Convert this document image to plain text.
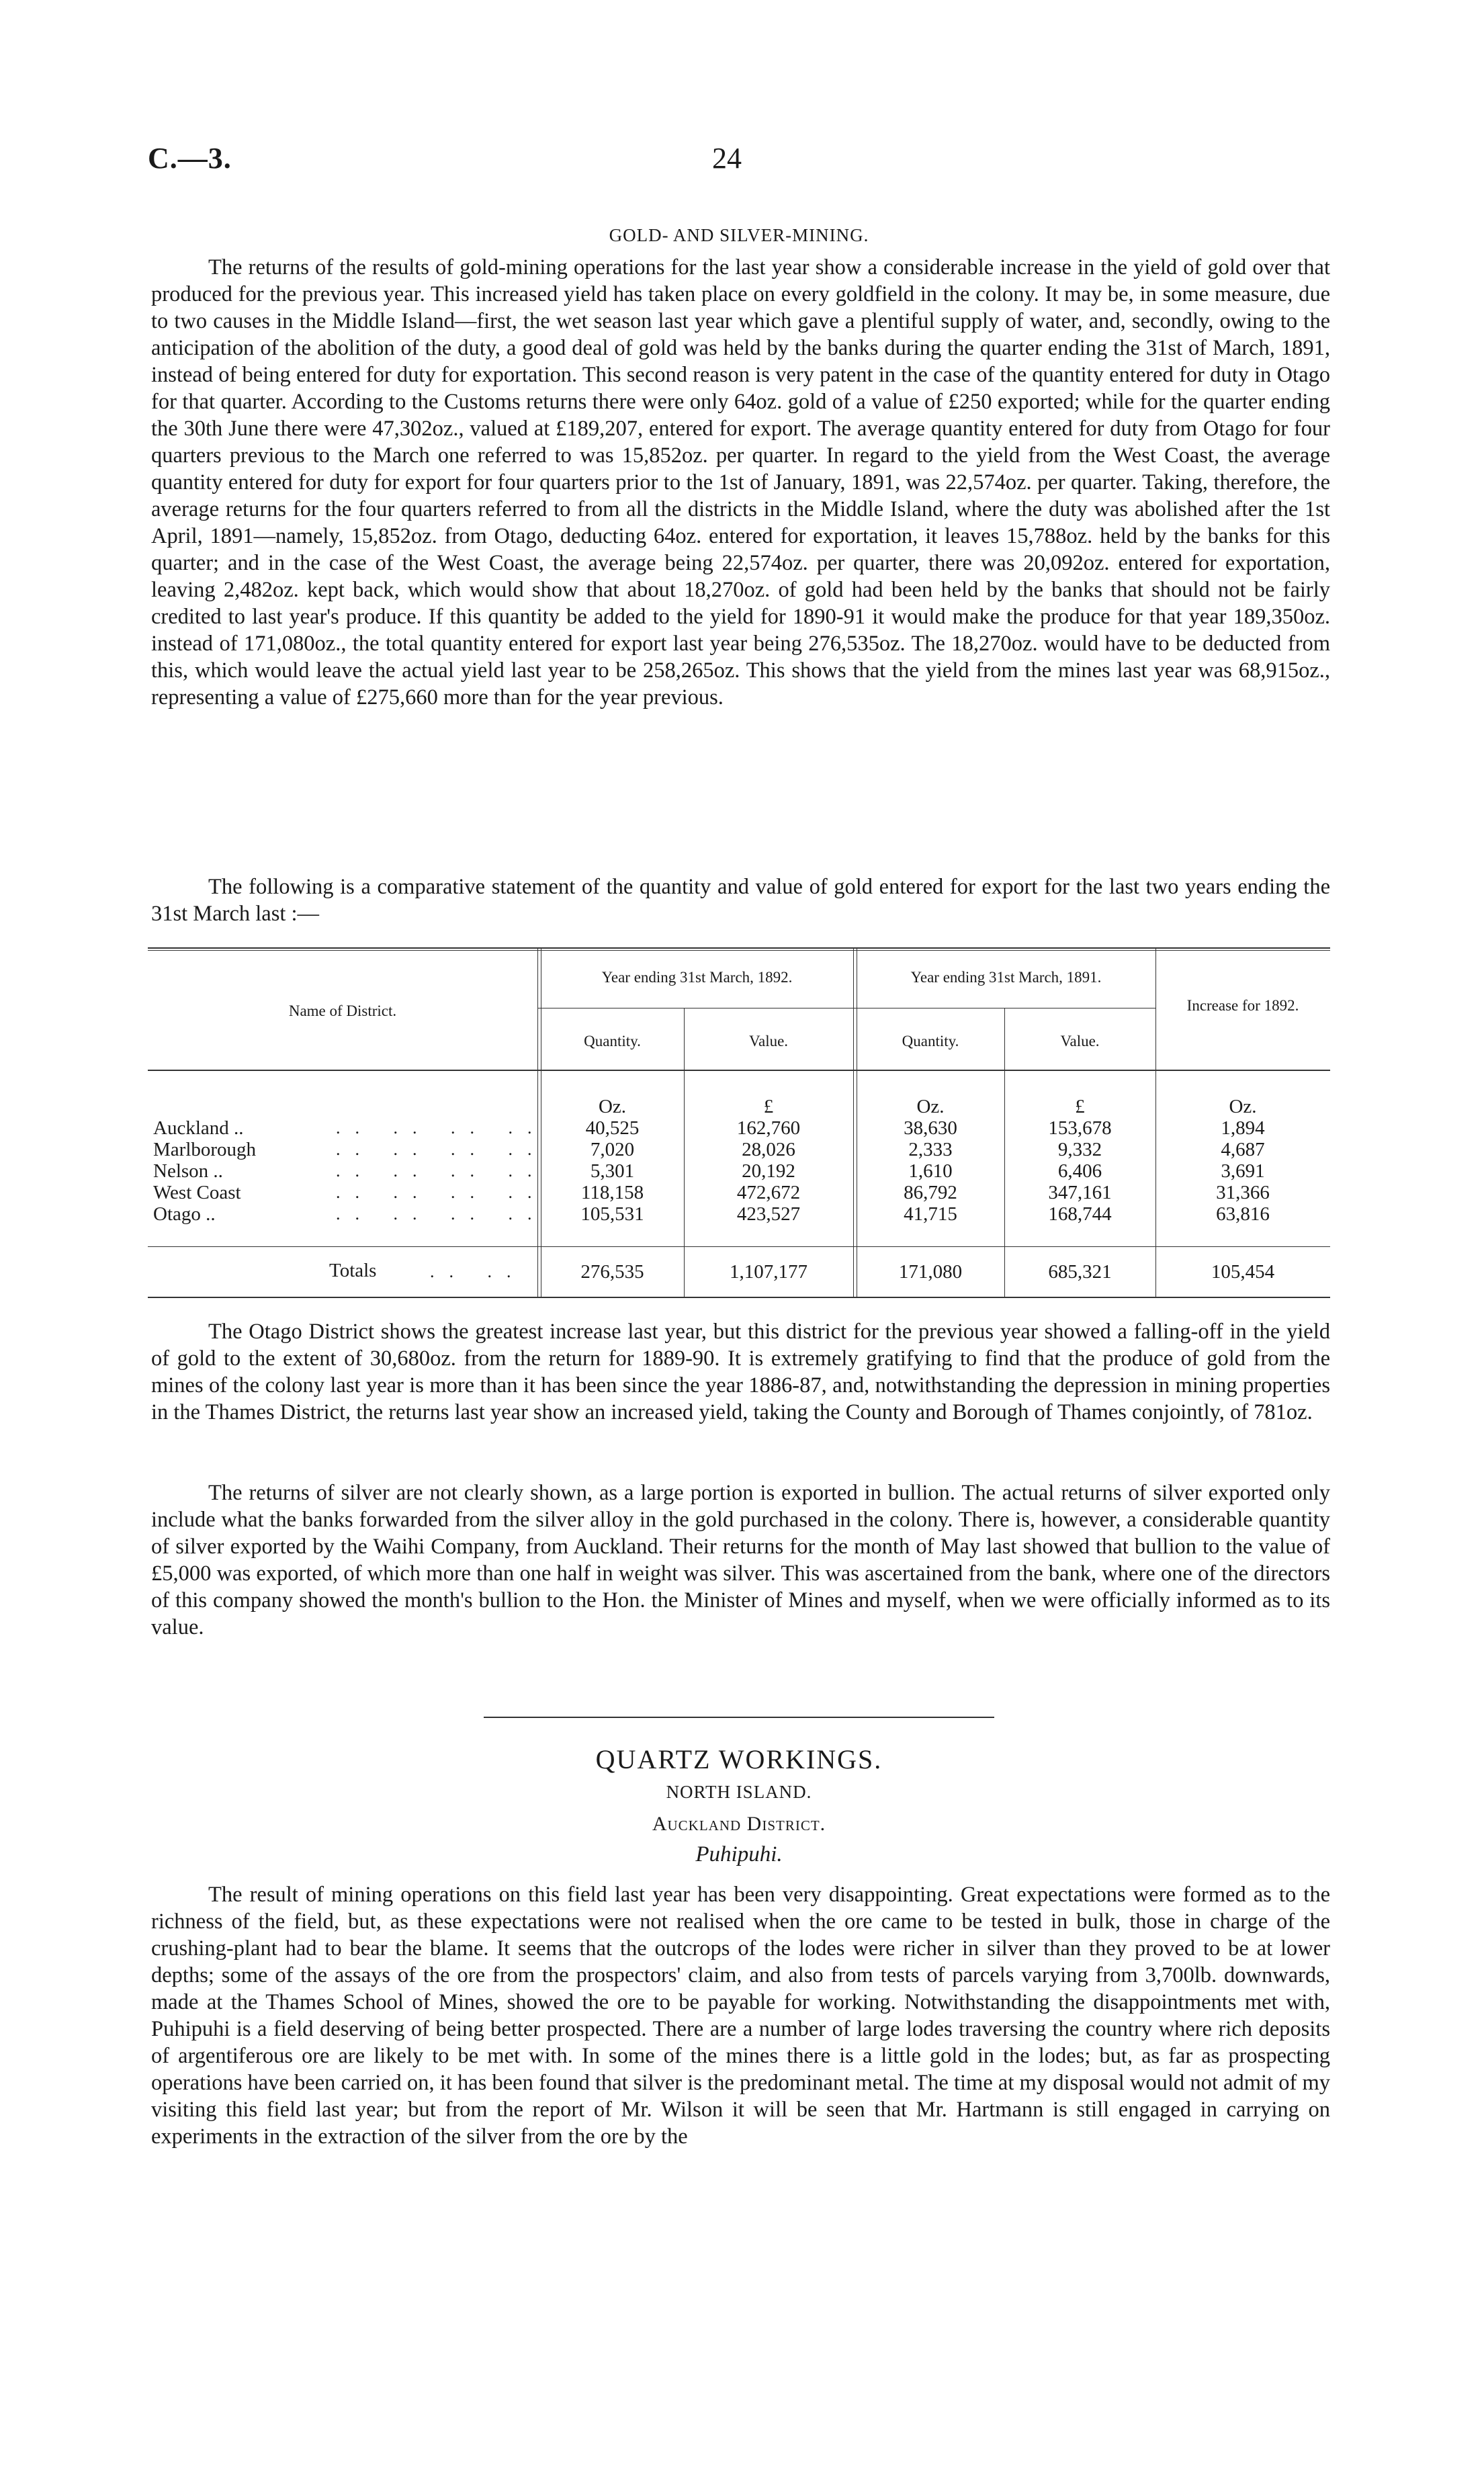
C.—3.	24
GOLD- AND SILVER-MINING.

The returns of the results of gold-mining operations for the last year show a considerable increase in the yield of gold over that produced for the previous year. This increased yield has taken place on every goldfield in the colony. It may be, in some measure, due to two causes in the Middle Island—first, the wet season last year which gave a plentiful supply of water, and, secondly, owing to the anticipation of the abolition of the duty, a good deal of gold was held by the banks during the quarter ending the 31st of March, 1891, instead of being entered for duty for exportation. This second reason is very patent in the case of the quantity entered for duty in Otago for that quarter. According to the Customs returns there were only 64oz. gold of a value of £250 exported; while for the quarter ending the 30th June there were 47,302oz., valued at £189,207, entered for export. The average quantity entered for duty from Otago for four quarters previous to the March one referred to was 15,852oz. per quarter. In regard to the yield from the West Coast, the average quantity entered for duty for export for four quarters prior to the 1st of January, 1891, was 22,574oz. per quarter. Taking, therefore, the average returns for the four quarters referred to from all the districts in the Middle Island, where the duty was abolished after the 1st April, 1891—namely, 15,852oz. from Otago, deducting 64oz. entered for exportation, it leaves 15,788oz. held by the banks for this quarter; and in the case of the West Coast, the average being 22,574oz. per quarter, there was 20,092oz. entered for exportation, leaving 2,482oz. kept back, which would show that about 18,270oz. of gold had been held by the banks that should not be fairly credited to last year's produce. If this quantity be added to the yield for 1890-91 it would make the produce for that year 189,350oz. instead of 171,080oz., the total quantity entered for export last year being 276,535oz. The 18,270oz. would have to be deducted from this, which would leave the actual yield last year to be 258,265oz. This shows that the yield from the mines last year was 68,915oz., representing a value of £275,660 more than for the year previous.

The following is a comparative statement of the quantity and value of gold entered for export for the last two years ending the 31st March last :—

Name of District.
Year ending 31st March, 1892.	Year ending 31st March, 1891.
Increase for 1892.
Quantity.	Value.	Quantity.	Value.
Oz.	£	Oz.	£	Oz.
Auckland ..	.. .. .. ..	40,525	162,760	38,630	153,678	1,894
Marlborough	.. .. .. ..	7,020	28,026	2,333	9,332	4,687
Nelson ..	.. .. .. ..	5,301	20,192	1,610	6,406	3,691
West Coast	.. .. .. ..	118,158	472,672	86,792	347,161	31,366
Otago ..	.. .. .. ..	105,531	423,527	41,715	168,744	63,816
Totals	.. ..	276,535	1,107,177	171,080	685,321	105,454

The Otago District shows the greatest increase last year, but this district for the previous year showed a falling-off in the yield of gold to the extent of 30,680oz. from the return for 1889-90. It is extremely gratifying to find that the produce of gold from the mines of the colony last year is more than it has been since the year 1886-87, and, notwithstanding the depression in mining properties in the Thames District, the returns last year show an increased yield, taking the County and Borough of Thames conjointly, of 781oz.

The returns of silver are not clearly shown, as a large portion is exported in bullion. The actual returns of silver exported only include what the banks forwarded from the silver alloy in the gold purchased in the colony. There is, however, a considerable quantity of silver exported by the Waihi Company, from Auckland. Their returns for the month of May last showed that bullion to the value of £5,000 was exported, of which more than one half in weight was silver. This was ascertained from the bank, where one of the directors of this company showed the month's bullion to the Hon. the Minister of Mines and myself, when we were officially informed as to its value.

QUARTZ WORKINGS.
NORTH ISLAND.
Auckland District.
Puhipuhi.

The result of mining operations on this field last year has been very disappointing. Great expectations were formed as to the richness of the field, but, as these expectations were not realised when the ore came to be tested in bulk, those in charge of the crushing-plant had to bear the blame. It seems that the outcrops of the lodes were richer in silver than they proved to be at lower depths; some of the assays of the ore from the prospectors' claim, and also from tests of parcels varying from 3,700lb. downwards, made at the Thames School of Mines, showed the ore to be payable for working. Notwithstanding the disappointments met with, Puhipuhi is a field deserving of being better prospected. There are a number of large lodes traversing the country where rich deposits of argentiferous ore are likely to be met with. In some of the mines there is a little gold in the lodes; but, as far as prospecting operations have been carried on, it has been found that silver is the predominant metal. The time at my disposal would not admit of my visiting this field last year; but from the report of Mr. Wilson it will be seen that Mr. Hartmann is still engaged in carrying on experiments in the extraction of the silver from the ore by the
